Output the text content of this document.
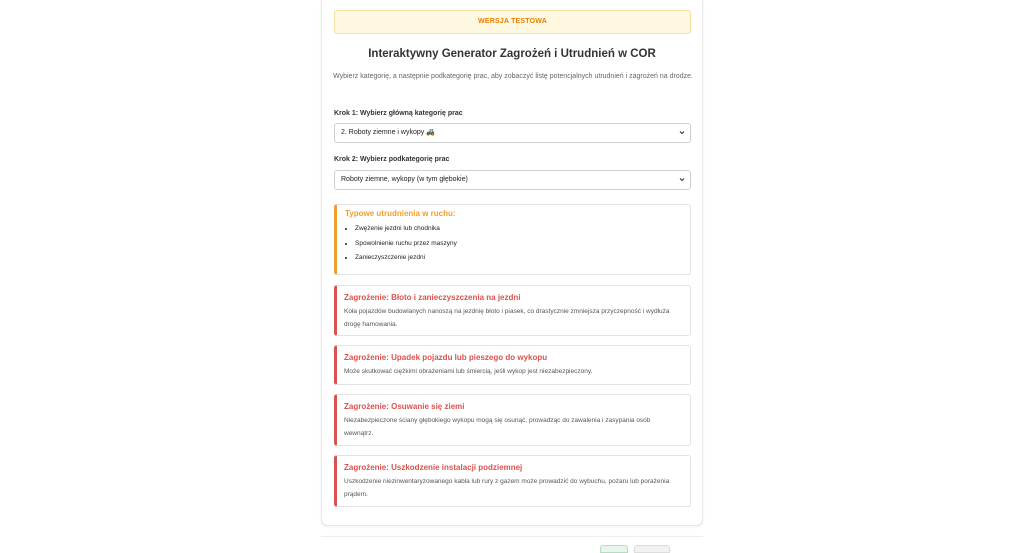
WERSJA TESTOWA
Interaktywny Generator Zagrożeń i Utrudnień w COR
Wybierz kategorię, a następnie podkategorię prac, aby zobaczyć listę potencjalnych utrudnień i zagrożeń na drodze.
Krok 1: Wybierz główną kategorię prac
2. Roboty ziemne i wykopy 🚜
Krok 2: Wybierz podkategorię prac
Roboty ziemne, wykopy (w tym głębokie)
Typowe utrudnienia w ruchu:
• Zwężenie jezdni lub chodnika
• Spowolnienie ruchu przez maszyny
• Zanieczyszczenie jezdni
Zagrożenie: Błoto i zanieczyszczenia na jezdni
Koła pojazdów budowlanych nanoszą na jezdnię błoto i piasek, co drastycznie zmniejsza przyczepność i wydłuża drogę hamowania.
Zagrożenie: Upadek pojazdu lub pieszego do wykopu
Może skutkować ciężkimi obrażeniami lub śmiercią, jeśli wykop jest niezabezpieczony.
Zagrożenie: Osuwanie się ziemi
Niezabezpieczone ściany głębokiego wykopu mogą się osunąć, prowadząc do zawalenia i zasypania osób wewnątrz.
Zagrożenie: Uszkodzenie instalacji podziemnej
Uszkodzenie niezinwentaryzowanego kabla lub rury z gazem może prowadzić do wybuchu, pożaru lub porażenia prądem.
